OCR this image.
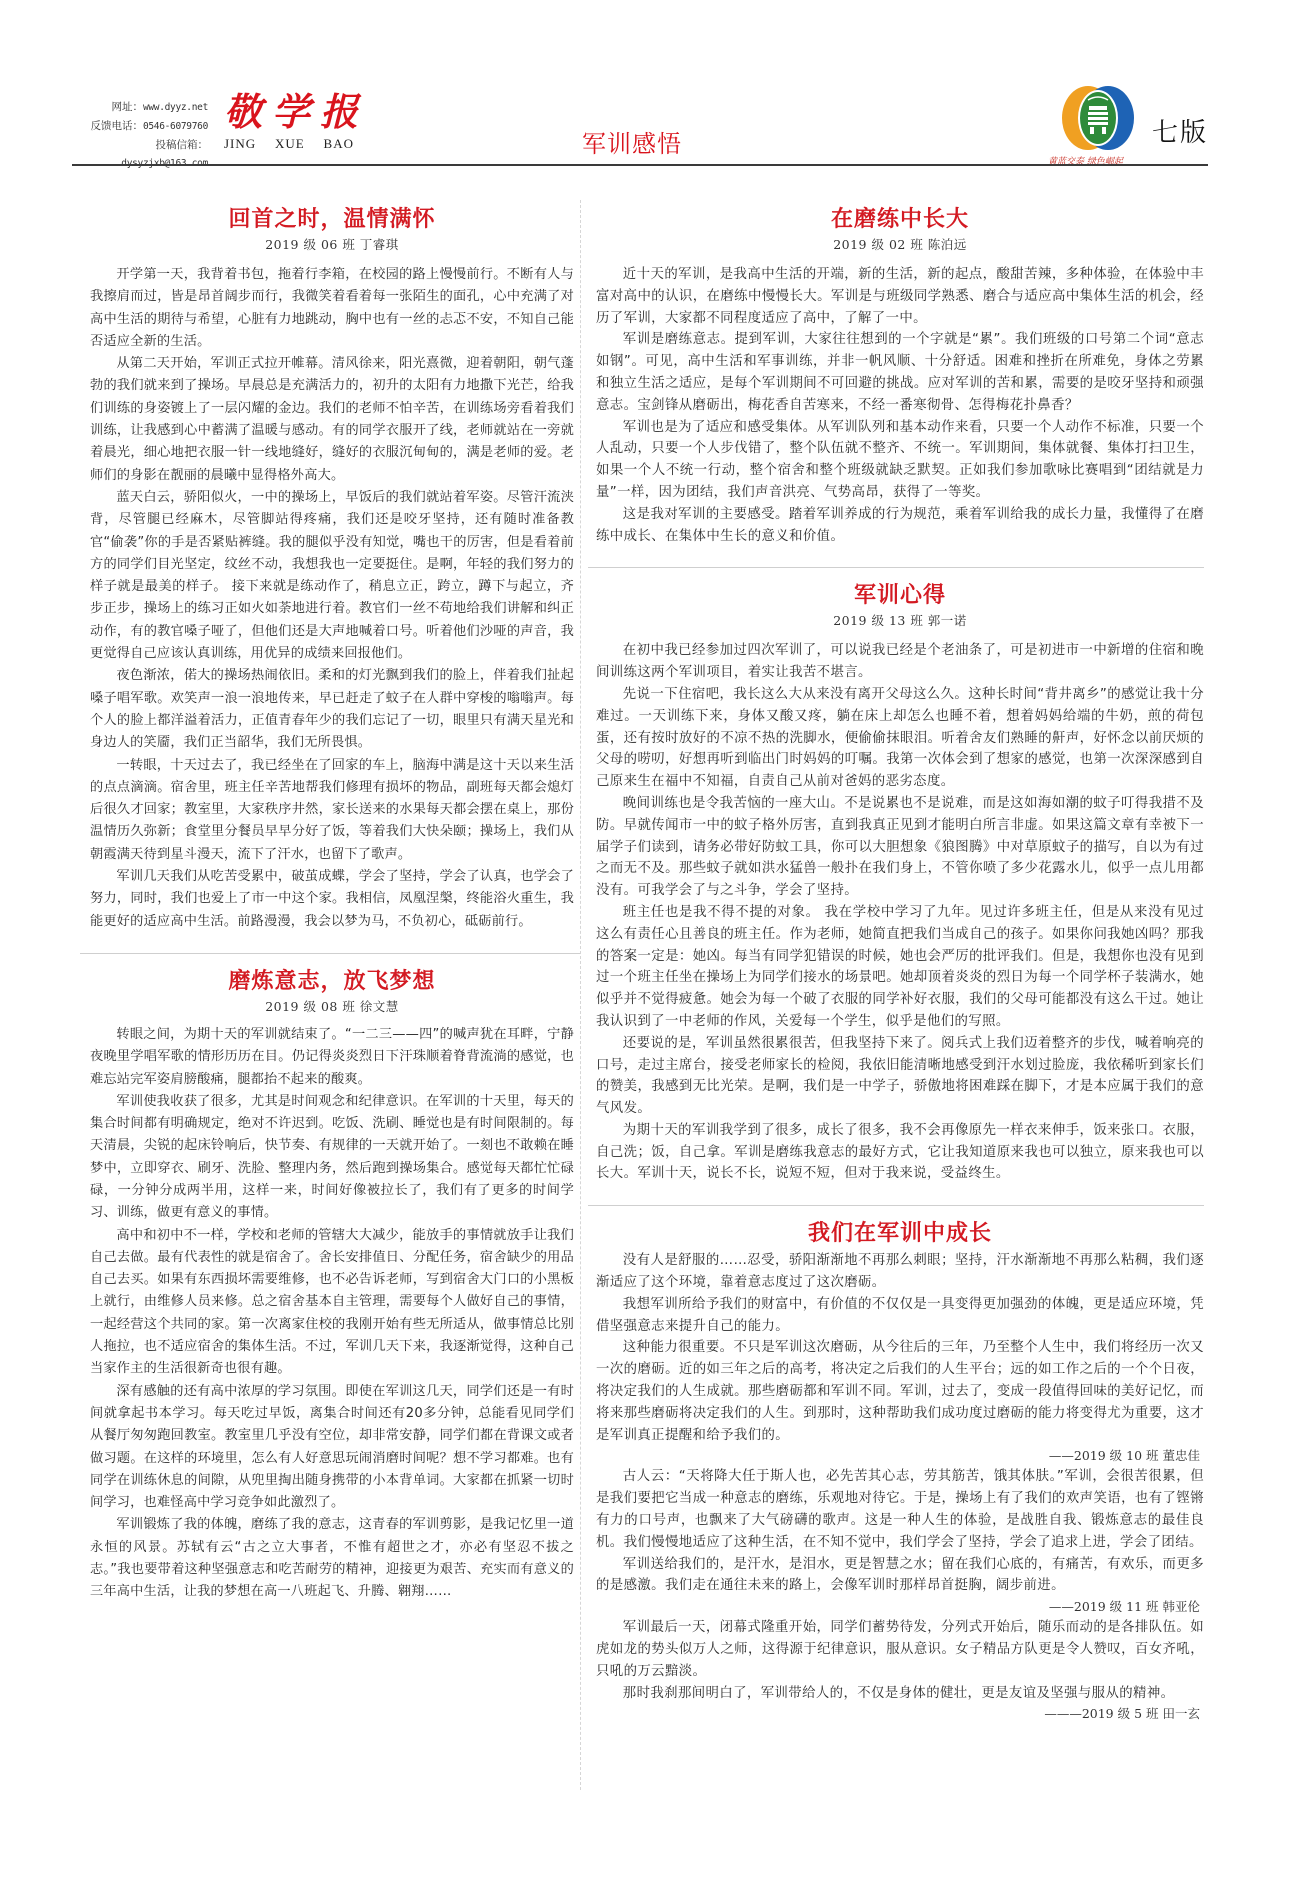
网址：www.dyyz.net
反馈电话：0546-6079760
投稿信箱：dysyzjxb@163.com
敬学报
JING XUE BAO	军训感悟
黄蓝交泰 绿色崛起
七版
回首之时，温情满怀
2019 级 06 班 丁睿琪

开学第一天，我背着书包，拖着行李箱，在校园的路上慢慢前行。不断有人与我擦肩而过，皆是昂首阔步而行，我微笑着看着每一张陌生的面孔，心中充满了对高中生活的期待与希望，心脏有力地跳动，胸中也有一丝的忐忑不安，不知自己能否适应全新的生活。

从第二天开始，军训正式拉开帷幕。清风徐来，阳光熹微，迎着朝阳，朝气蓬勃的我们就来到了操场。早晨总是充满活力的，初升的太阳有力地撒下光芒，给我们训练的身姿镀上了一层闪耀的金边。我们的老师不怕辛苦，在训练场旁看着我们训练，让我感到心中蓄满了温暖与感动。有的同学衣服开了线，老师就站在一旁就着晨光，细心地把衣服一针一线地缝好，缝好的衣服沉甸甸的，满是老师的爱。老师们的身影在靓丽的晨曦中显得格外高大。

蓝天白云，骄阳似火，一中的操场上，早饭后的我们就站着军姿。尽管汗流浃背，尽管腿已经麻木，尽管脚站得疼痛，我们还是咬牙坚持，还有随时准备教官“偷袭”你的手是否紧贴裤缝。我的腿似乎没有知觉，嘴也干的厉害，但是看着前方的同学们目光坚定，纹丝不动，我想我也一定要挺住。是啊，年轻的我们努力的样子就是最美的样子。 接下来就是练动作了，稍息立正，跨立，蹲下与起立，齐步正步，操场上的练习正如火如荼地进行着。教官们一丝不苟地给我们讲解和纠正动作，有的教官嗓子哑了，但他们还是大声地喊着口号。听着他们沙哑的声音，我更觉得自己应该认真训练，用优异的成绩来回报他们。

夜色渐浓，偌大的操场热闹依旧。柔和的灯光飘到我们的脸上，伴着我们扯起嗓子唱军歌。欢笑声一浪一浪地传来，早已赶走了蚊子在人群中穿梭的嗡嗡声。每个人的脸上都洋溢着活力，正值青春年少的我们忘记了一切，眼里只有满天星光和身边人的笑靥，我们正当韶华，我们无所畏惧。

一转眼，十天过去了，我已经坐在了回家的车上，脑海中满是这十天以来生活的点点滴滴。宿舍里，班主任辛苦地帮我们修理有损坏的物品，副班每天都会熄灯后很久才回家；教室里，大家秩序井然，家长送来的水果每天都会摆在桌上，那份温情历久弥新；食堂里分餐员早早分好了饭，等着我们大快朵颐；操场上，我们从朝霞满天待到星斗漫天，流下了汗水，也留下了歌声。

军训几天我们从吃苦受累中，破茧成蝶，学会了坚持，学会了认真，也学会了努力，同时，我们也爱上了市一中这个家。我相信，凤凰涅槃，终能浴火重生，我能更好的适应高中生活。前路漫漫，我会以梦为马，不负初心，砥砺前行。

磨炼意志，放飞梦想
2019 级 08 班 徐文慧

转眼之间，为期十天的军训就结束了。“一二三——四”的喊声犹在耳畔，宁静夜晚里学唱军歌的情形历历在目。仍记得炎炎烈日下汗珠顺着脊背流淌的感觉，也难忘站完军姿肩膀酸痛，腿都抬不起来的酸爽。

军训使我收获了很多，尤其是时间观念和纪律意识。在军训的十天里，每天的集合时间都有明确规定，绝对不许迟到。吃饭、洗刷、睡觉也是有时间限制的。每天清晨，尖锐的起床铃响后，快节奏、有规律的一天就开始了。一刻也不敢赖在睡梦中，立即穿衣、刷牙、洗脸、整理内务，然后跑到操场集合。感觉每天都忙忙碌碌，一分钟分成两半用，这样一来，时间好像被拉长了，我们有了更多的时间学习、训练，做更有意义的事情。

高中和初中不一样，学校和老师的管辖大大减少，能放手的事情就放手让我们自己去做。最有代表性的就是宿舍了。舍长安排值日、分配任务，宿舍缺少的用品自己去买。如果有东西损坏需要维修，也不必告诉老师，写到宿舍大门口的小黑板上就行，由维修人员来修。总之宿舍基本自主管理，需要每个人做好自己的事情，一起经营这个共同的家。第一次离家住校的我刚开始有些无所适从，做事情总比别人拖拉，也不适应宿舍的集体生活。不过，军训几天下来，我逐渐觉得，这种自己当家作主的生活很新奇也很有趣。

深有感触的还有高中浓厚的学习氛围。即使在军训这几天，同学们还是一有时间就拿起书本学习。每天吃过早饭，离集合时间还有20多分钟，总能看见同学们从餐厅匆匆跑回教室。教室里几乎没有空位，却非常安静，同学们都在背课文或者做习题。在这样的环境里，怎么有人好意思玩闹消磨时间呢？想不学习都难。也有同学在训练休息的间隙，从兜里掏出随身携带的小本背单词。大家都在抓紧一切时间学习，也难怪高中学习竞争如此激烈了。

军训锻炼了我的体魄，磨练了我的意志，这青春的军训剪影，是我记忆里一道永恒的风景。苏轼有云“古之立大事者，不惟有超世之才，亦必有坚忍不拔之志。”我也要带着这种坚强意志和吃苦耐劳的精神，迎接更为艰苦、充实而有意义的三年高中生活，让我的梦想在高一八班起飞、升腾、翱翔……

在磨练中长大
2019 级 02 班 陈泊远

近十天的军训，是我高中生活的开端，新的生活，新的起点，酸甜苦辣，多种体验，在体验中丰富对高中的认识，在磨练中慢慢长大。军训是与班级同学熟悉、磨合与适应高中集体生活的机会，经历了军训，大家都不同程度适应了高中，了解了一中。

军训是磨练意志。提到军训，大家往往想到的一个字就是“累”。我们班级的口号第二个词“意志如钢”。可见，高中生活和军事训练，并非一帆风顺、十分舒适。困难和挫折在所难免，身体之劳累和独立生活之适应，是每个军训期间不可回避的挑战。应对军训的苦和累，需要的是咬牙坚持和顽强意志。宝剑锋从磨砺出，梅花香自苦寒来，不经一番寒彻骨、怎得梅花扑鼻香？

军训也是为了适应和感受集体。从军训队列和基本动作来看，只要一个人动作不标准，只要一个人乱动，只要一个人步伐错了，整个队伍就不整齐、不统一。军训期间，集体就餐、集体打扫卫生，如果一个人不统一行动，整个宿舍和整个班级就缺乏默契。正如我们参加歌咏比赛唱到“团结就是力量”一样，因为团结，我们声音洪亮、气势高昂，获得了一等奖。

这是我对军训的主要感受。踏着军训养成的行为规范，乘着军训给我的成长力量，我懂得了在磨练中成长、在集体中生长的意义和价值。

军训心得
2019 级 13 班 郭一诺

在初中我已经参加过四次军训了，可以说我已经是个老油条了，可是初进市一中新增的住宿和晚间训练这两个军训项目，着实让我苦不堪言。

先说一下住宿吧，我长这么大从来没有离开父母这么久。这种长时间“背井离乡”的感觉让我十分难过。一天训练下来，身体又酸又疼，躺在床上却怎么也睡不着，想着妈妈给端的牛奶，煎的荷包蛋，还有按时放好的不凉不热的洗脚水，便偷偷抹眼泪。听着舍友们熟睡的鼾声，好怀念以前厌烦的父母的唠叨，好想再听到临出门时妈妈的叮嘱。我第一次体会到了想家的感觉，也第一次深深感到自己原来生在福中不知福，自责自己从前对爸妈的恶劣态度。

晚间训练也是令我苦恼的一座大山。不是说累也不是说难，而是这如海如潮的蚊子叮得我措不及防。早就传闻市一中的蚊子格外厉害，直到我真正见到才能明白所言非虚。如果这篇文章有幸被下一届学子们读到，请务必带好防蚊工具，你可以大胆想象《狼图腾》中对草原蚊子的描写，自以为有过之而无不及。那些蚊子就如洪水猛兽一般扑在我们身上，不管你喷了多少花露水儿，似乎一点儿用都没有。可我学会了与之斗争，学会了坚持。

班主任也是我不得不提的对象。 我在学校中学习了九年。见过许多班主任，但是从来没有见过这么有责任心且善良的班主任。作为老师，她简直把我们当成自己的孩子。如果你问我她凶吗？那我的答案一定是：她凶。每当有同学犯错误的时候，她也会严厉的批评我们。但是，我想你也没有见到过一个班主任坐在操场上为同学们接水的场景吧。她却顶着炎炎的烈日为每一个同学杯子装满水，她似乎并不觉得疲惫。她会为每一个破了衣服的同学补好衣服，我们的父母可能都没有这么干过。她让我认识到了一中老师的作风，关爱每一个学生，似乎是他们的写照。

还要说的是，军训虽然很累很苦，但我坚持下来了。阅兵式上我们迈着整齐的步伐，喊着响亮的口号，走过主席台，接受老师家长的检阅，我依旧能清晰地感受到汗水划过脸庞，我依稀听到家长们的赞美，我感到无比光荣。是啊，我们是一中学子，骄傲地将困难踩在脚下，才是本应属于我们的意气风发。

为期十天的军训我学到了很多，成长了很多，我不会再像原先一样衣来伸手，饭来张口。衣服，自己洗；饭，自己拿。军训是磨练我意志的最好方式，它让我知道原来我也可以独立，原来我也可以长大。军训十天，说长不长，说短不短，但对于我来说，受益终生。

我们在军训中成长

没有人是舒服的……忍受，骄阳渐渐地不再那么刺眼；坚持，汗水渐渐地不再那么粘稠，我们逐渐适应了这个环境，靠着意志度过了这次磨砺。

我想军训所给予我们的财富中，有价值的不仅仅是一具变得更加强劲的体魄，更是适应环境，凭借坚强意志来提升自己的能力。

这种能力很重要。不只是军训这次磨砺，从今往后的三年，乃至整个人生中，我们将经历一次又一次的磨砺。近的如三年之后的高考，将决定之后我们的人生平台；远的如工作之后的一个个日夜，将决定我们的人生成就。那些磨砺都和军训不同。军训，过去了，变成一段值得回味的美好记忆，而将来那些磨砺将决定我们的人生。到那时，这种帮助我们成功度过磨砺的能力将变得尤为重要，这才是军训真正提醒和给予我们的。

——2019 级 10 班 董忠佳

古人云：“天将降大任于斯人也，必先苦其心志，劳其筋苦，饿其体肤。”军训，会很苦很累，但是我们要把它当成一种意志的磨练，乐观地对待它。于是，操场上有了我们的欢声笑语，也有了铿锵有力的口号声，也飘来了大气磅礴的歌声。这是一种人生的体验，是战胜自我、锻炼意志的最佳良机。我们慢慢地适应了这种生活，在不知不觉中，我们学会了坚持，学会了追求上进，学会了团结。

军训送给我们的，是汗水，是泪水，更是智慧之水；留在我们心底的，有痛苦，有欢乐，而更多的是感激。我们走在通往未来的路上，会像军训时那样昂首挺胸，阔步前进。

——2019 级 11 班 韩亚伦

军训最后一天，闭幕式隆重开始，同学们蓄势待发，分列式开始后，随乐而动的是各排队伍。如虎如龙的势头似万人之师，这得源于纪律意识，服从意识。女子精品方队更是令人赞叹，百女齐吼，只吼的万云黯淡。

那时我刹那间明白了，军训带给人的，不仅是身体的健壮，更是友谊及坚强与服从的精神。

———2019 级 5 班 田一玄
